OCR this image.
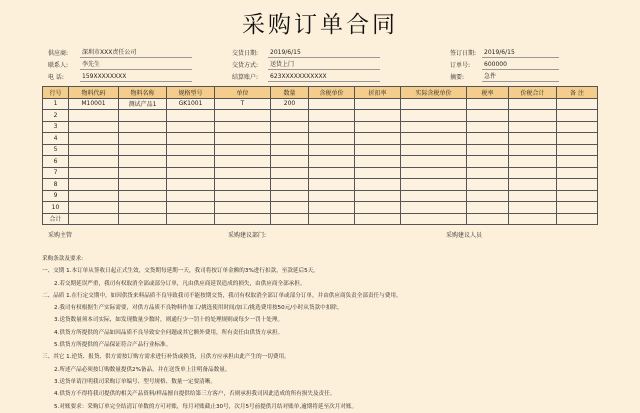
采购订单合同
供应商:	深圳市XXX责任公司	交货日期:	2019/6/15	签订日期:	2019/6/15
联系人:	李先生	交货方式:	送货上门	订单号:	600000
电 话:	159XXXXXXXX	结算账户:	623XXXXXXXXXXX	摘要:	急件
行号	物料代码	物料名称	规格型号	单位	数量	含税单价	折扣率	实际含税单价	税率	价税合计	备 注
1	M10001	测试产品1	GK1001	T	200						
2											
3											
4											
5											
6											
7											
8											
9											
10											
合计											
采购主管	采购建议部门:	采购建议人员
采购条款及要求:
一、交期 1.本订单从签收日起正式生效，交货期每延期一天，我司将按订单金额的3%进行扣款，至款延后5天。
2.若交期延误严重，我司有权取消全部或部分订单，凡由供应商延误造成的损失，由供应商全部承担。
二、品质 1.在行定交期中，如因供货来料品质不良导致我司不能按期交货，我司有权取消全部订单或部分订单，并由供应商负责全部责任与费用。
2.我司有权根据生产实际需要，对供方品质不良物料作加工/挑选使用时间/加工/挑选费用按50元/小时从货款中扣除。
3.送货数量须本司实际，如发现数量少数时，则通行少一罚十的处理规则或每少一罚十处理。
4.供货方所提供的产品如因品质不良导致安全问题或其它额外费用，所有责任由供货方承担。
5.供货方所提供的产品保证符合产品行业标准。
三、其它 1.逆货、报货、供方需按订购方需求进行补货或换货，且供方应承担由此产生的一切费用。
2.所述产品必须按订购数量提供2%备品，并在送货单上注明备品数量。
3.送货单请注明我司采购订单编号、型号规格、数量一定要清晰。
4.供货方不得将我司提供的相关产品资料/样品擅自提供给第三方客户，否则承担我司因此造成的所有损失及责任。
5.对账要求：采购订单完全结清订单数的方可对账，每月对账截止30号，次月5号前提供月结对账单,逾期将延至次月对账。
